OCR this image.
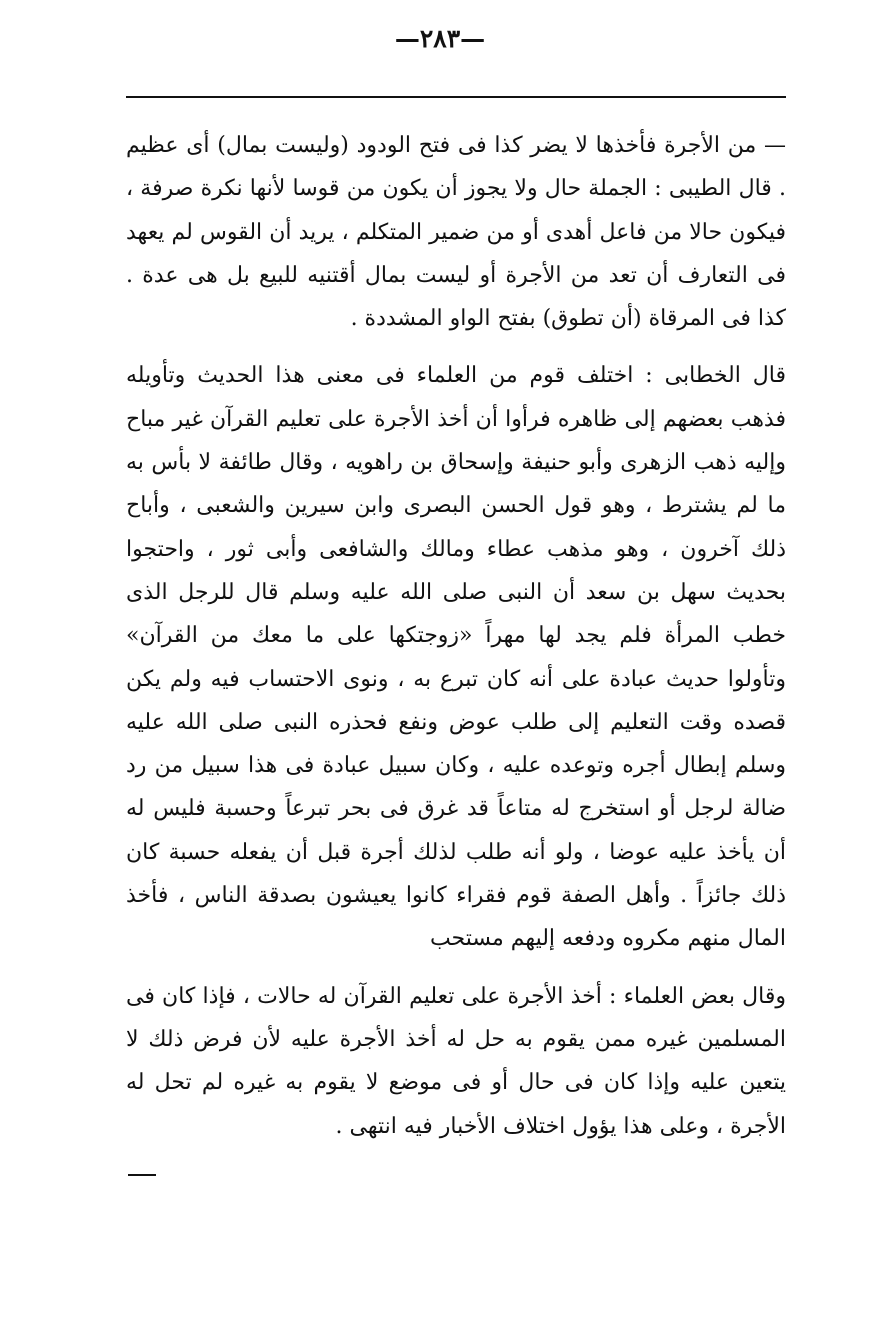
—٢٨٣—

— من الأجرة فأخذها لا يضر كذا فى فتح الودود (وليست بمال) أى عظيم . قال الطيبى : الجملة حال ولا يجوز أن يكون من قوسا لأنها نكرة صرفة ، فيكون حالا من فاعل أهدى أو من ضمير المتكلم ، يريد أن القوس لم يعهد فى التعارف أن تعد من الأجرة أو ليست بمال أقتنيه للبيع بل هى عدة . كذا فى المرقاة (أن تطوق) بفتح الواو المشددة .

قال الخطابى : اختلف قوم من العلماء فى معنى هذا الحديث وتأويله فذهب بعضهم إلى ظاهره فرأوا أن أخذ الأجرة على تعليم القرآن غير مباح وإليه ذهب الزهرى وأبو حنيفة وإسحاق بن راهويه ، وقال طائفة لا بأس به ما لم يشترط ، وهو قول الحسن البصرى وابن سيرين والشعبى ، وأباح ذلك آخرون ، وهو مذهب عطاء ومالك والشافعى وأبى ثور ، واحتجوا بحديث سهل بن سعد أن النبى صلى الله عليه وسلم قال للرجل الذى خطب المرأة فلم يجد لها مهراً «زوجتكها على ما معك من القرآن» وتأولوا حديث عبادة على أنه كان تبرع به ، ونوى الاحتساب فيه ولم يكن قصده وقت التعليم إلى طلب عوض ونفع فحذره النبى صلى الله عليه وسلم إبطال أجره وتوعده عليه ، وكان سبيل عبادة فى هذا سبيل من رد ضالة لرجل أو استخرج له متاعاً قد غرق فى بحر تبرعاً وحسبة فليس له أن يأخذ عليه عوضا ، ولو أنه طلب لذلك أجرة قبل أن يفعله حسبة كان ذلك جائزاً . وأهل الصفة قوم فقراء كانوا يعيشون بصدقة الناس ، فأخذ المال منهم مكروه ودفعه إليهم مستحب

وقال بعض العلماء : أخذ الأجرة على تعليم القرآن له حالات ، فإذا كان فى المسلمين غيره ممن يقوم به حل له أخذ الأجرة عليه لأن فرض ذلك لا يتعين عليه وإذا كان فى حال أو فى موضع لا يقوم به غيره لم تحل له الأجرة ، وعلى هذا يؤول اختلاف الأخبار فيه انتهى .
